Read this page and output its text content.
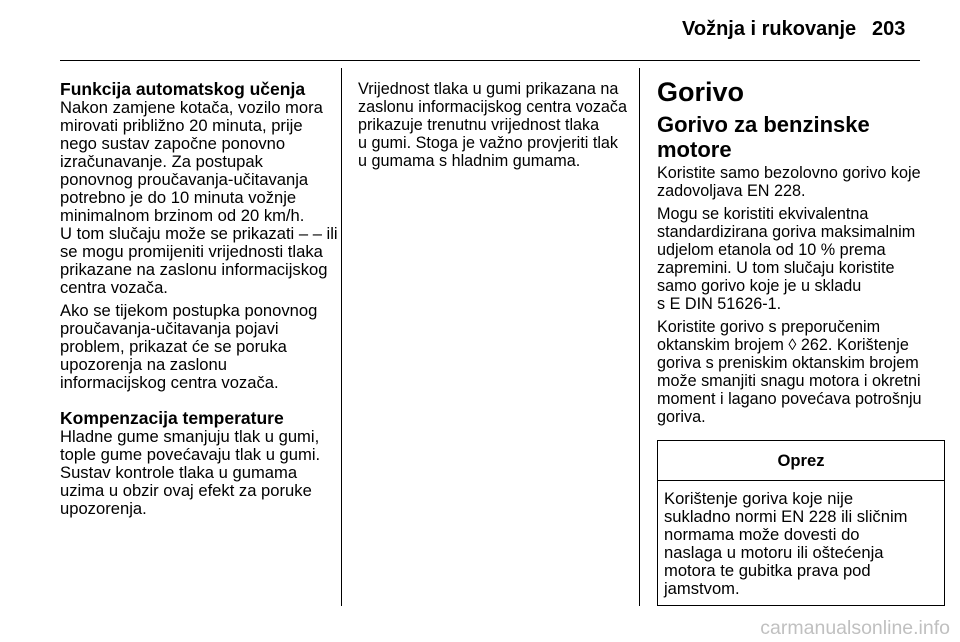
Vožnja i rukovanje 203
Funkcija automatskog učenja

Nakon zamjene kotača, vozilo mora
mirovati približno 20 minuta, prije
nego sustav započne ponovno
izračunavanje. Za postupak
ponovnog proučavanja-učitavanja
potrebno je do 10 minuta vožnje
minimalnom brzinom od 20 km/h.
U tom slučaju može se prikazati – – ili
se mogu promijeniti vrijednosti tlaka
prikazane na zaslonu informacijskog
centra vozača.

Ako se tijekom postupka ponovnog
proučavanja-učitavanja pojavi
problem, prikazat će se poruka
upozorenja na zaslonu
informacijskog centra vozača.

Kompenzacija temperature

Hladne gume smanjuju tlak u gumi,
tople gume povećavaju tlak u gumi.
Sustav kontrole tlaka u gumama
uzima u obzir ovaj efekt za poruke
upozorenja.

Vrijednost tlaka u gumi prikazana na
zaslonu informacijskog centra vozača
prikazuje trenutnu vrijednost tlaka
u gumi. Stoga je važno provjeriti tlak
u gumama s hladnim gumama.

Gorivo
Gorivo za benzinske
motore

Koristite samo bezolovno gorivo koje
zadovoljava EN 228.

Mogu se koristiti ekvivalentna
standardizirana goriva maksimalnim
udjelom etanola od 10 % prema
zapremini. U tom slučaju koristite
samo gorivo koje je u skladu
s E DIN 51626-1.

Koristite gorivo s preporučenim
oktanskim brojem ◊ 262. Korištenje
goriva s preniskim oktanskim brojem
može smanjiti snagu motora i okretni
moment i lagano povećava potrošnju
goriva.

Oprez
Korištenje goriva koje nije
sukladno normi EN 228 ili sličnim
normama može dovesti do
naslaga u motoru ili oštećenja
motora te gubitka prava pod
jamstvom.
carmanualsonline.info
